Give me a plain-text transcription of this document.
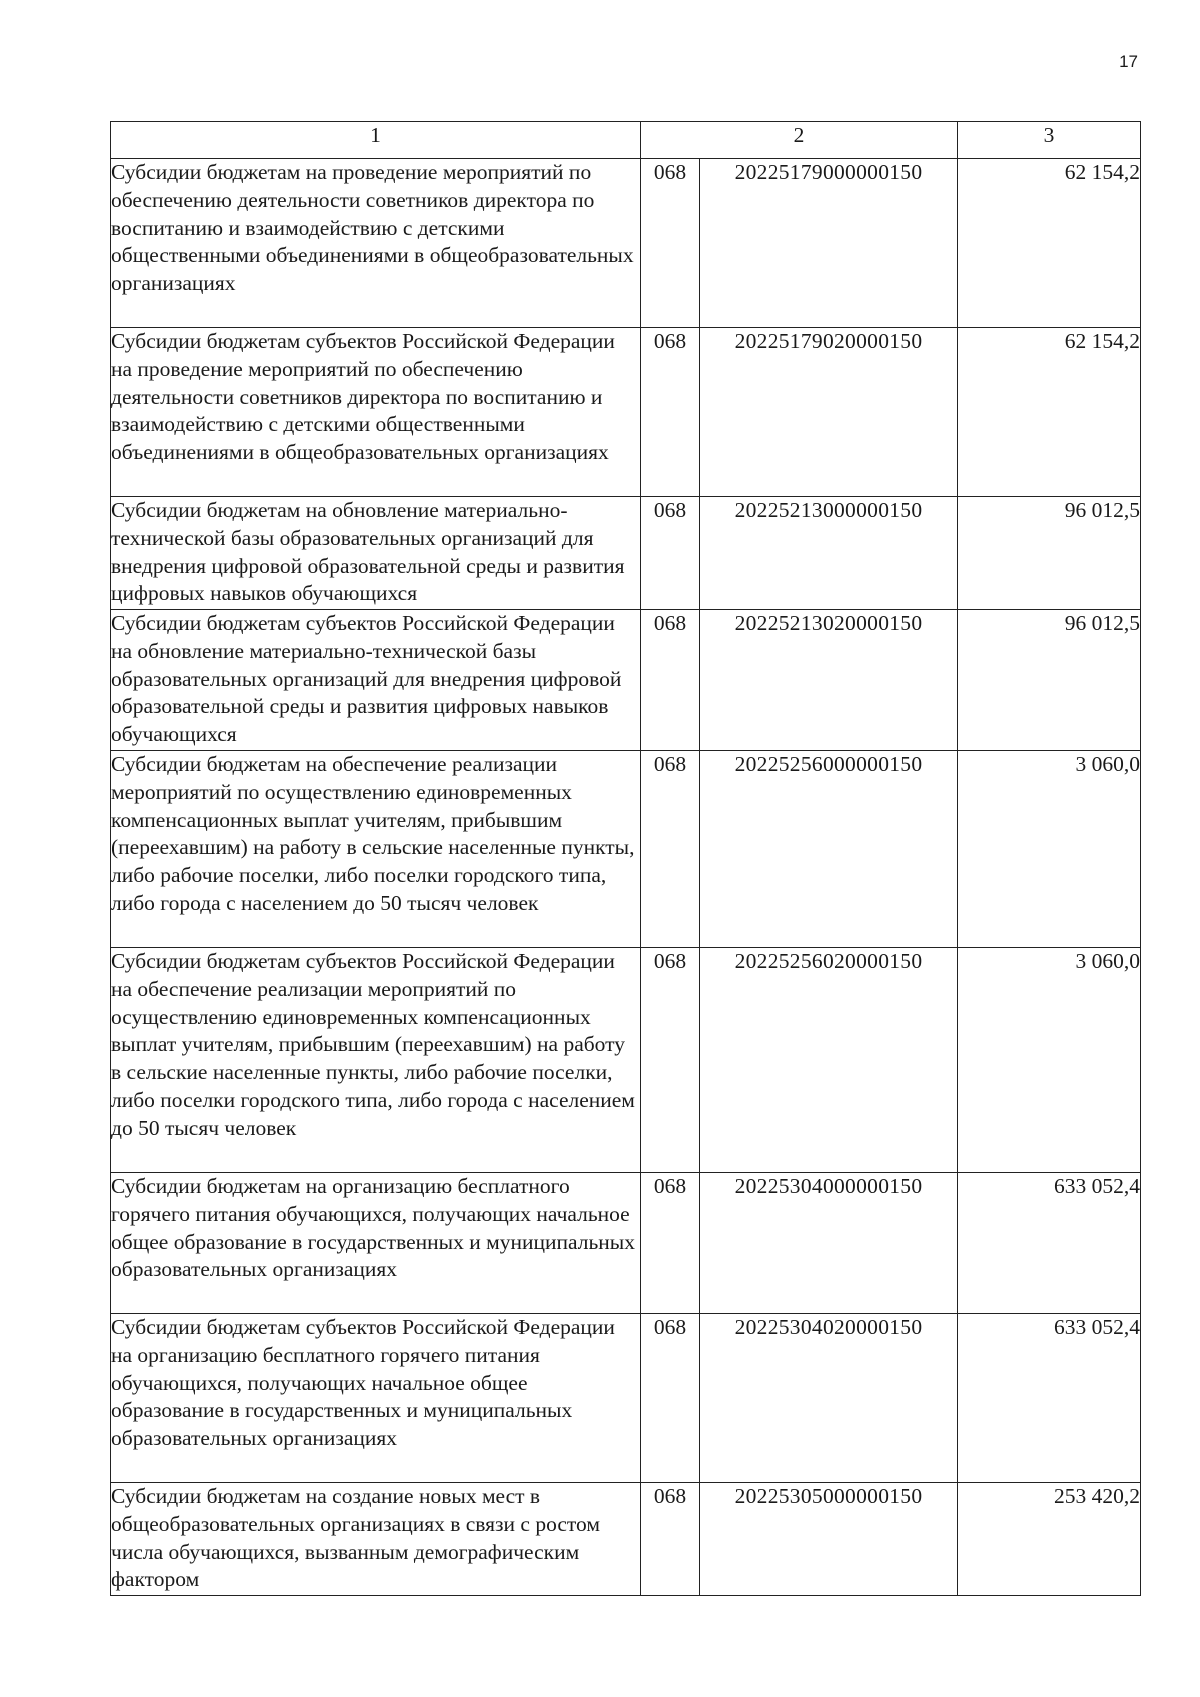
17
1	2		3
Субсидии бюджетам на проведение мероприятий по обеспечению деятельности советников директора по воспитанию и взаимодействию с детскими общественными объединениями в общеобразовательных организациях	068	20225179000000150	62 154,2
Субсидии бюджетам субъектов Российской Федерации на проведение мероприятий по обеспечению деятельности советников директора по воспитанию и взаимодействию с детскими общественными объединениями в общеобразовательных организациях	068	20225179020000150	62 154,2
Субсидии бюджетам на обновление материально-технической базы образовательных организаций для внедрения цифровой образовательной среды и развития цифровых навыков обучающихся	068	20225213000000150	96 012,5
Субсидии бюджетам субъектов Российской Федерации на обновление материально-технической базы образовательных организаций для внедрения цифровой образовательной среды и развития цифровых навыков обучающихся	068	20225213020000150	96 012,5
Субсидии бюджетам на обеспечение реализации мероприятий по осуществлению единовременных компенсационных выплат учителям, прибывшим (переехавшим) на работу в сельские населенные пункты, либо рабочие поселки, либо поселки городского типа, либо города с населением до 50 тысяч человек	068	20225256000000150	3 060,0
Субсидии бюджетам субъектов Российской Федерации на обеспечение реализации мероприятий по осуществлению единовременных компенсационных выплат учителям, прибывшим (переехавшим) на работу в сельские населенные пункты, либо рабочие поселки, либо поселки городского типа, либо города с населением до 50 тысяч человек	068	20225256020000150	3 060,0
Субсидии бюджетам на организацию бесплатного горячего питания обучающихся, получающих начальное общее образование в государственных и муниципальных образовательных организациях	068	20225304000000150	633 052,4
Субсидии бюджетам субъектов Российской Федерации на организацию бесплатного горячего питания обучающихся, получающих начальное общее образование в государственных и муниципальных образовательных организациях	068	20225304020000150	633 052,4
Субсидии бюджетам на создание новых мест в общеобразовательных организациях в связи с ростом числа обучающихся, вызванным демографическим фактором	068	20225305000000150	253 420,2
